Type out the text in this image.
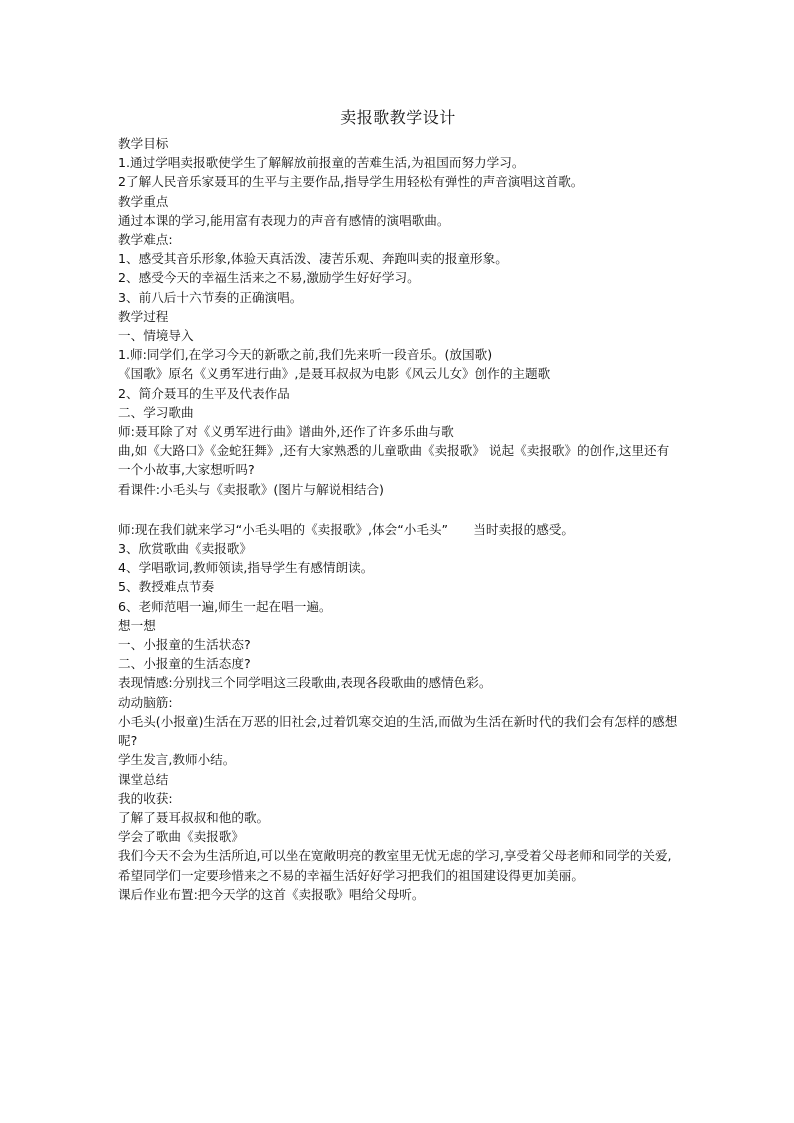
卖报歌教学设计
教学目标
1.通过学唱卖报歌使学生了解解放前报童的苦难生活,为祖国而努力学习。
2了解人民音乐家聂耳的生平与主要作品,指导学生用轻松有弹性的声音演唱这首歌。
教学重点
通过本课的学习,能用富有表现力的声音有感情的演唱歌曲。
教学难点:
1、感受其音乐形象,体验天真活泼、凄苦乐观、奔跑叫卖的报童形象。
2、感受今天的幸福生活来之不易,激励学生好好学习。
3、前八后十六节奏的正确演唱。
教学过程
一、情境导入
1.师:同学们,在学习今天的新歌之前,我们先来听一段音乐。(放国歌)
《国歌》原名《义勇军进行曲》,是聂耳叔叔为电影《风云儿女》创作的主题歌
2、简介聂耳的生平及代表作品
二、学习歌曲
师:聂耳除了对《义勇军进行曲》谱曲外,还作了许多乐曲与歌
曲,如《大路口》《金蛇狂舞》,还有大家熟悉的儿童歌曲《卖报歌》 说起《卖报歌》的创作,这里还有一个小故事,大家想听吗?
看课件:小毛头与《卖报歌》(图片与解说相结合)
师:现在我们就来学习“小毛头唱的《卖报歌》,体会“小毛头”　　当时卖报的感受。
3、欣赏歌曲《卖报歌》
4、学唱歌词,教师领读,指导学生有感情朗读。
5、教授难点节奏
6、老师范唱一遍,师生一起在唱一遍。
想一想
一、小报童的生活状态?
二、小报童的生活态度?
表现情感:分别找三个同学唱这三段歌曲,表现各段歌曲的感情色彩。
动动脑筋:
小毛头(小报童)生活在万恶的旧社会,过着饥寒交迫的生活,而做为生活在新时代的我们会有怎样的感想呢?
学生发言,教师小结。
课堂总结
我的收获:
了解了聂耳叔叔和他的歌。
学会了歌曲《卖报歌》
我们今天不会为生活所迫,可以坐在宽敞明亮的教室里无忧无虑的学习,享受着父母老师和同学的关爱,希望同学们一定要珍惜来之不易的幸福生活好好学习把我们的祖国建设得更加美丽。
课后作业布置:把今天学的这首《卖报歌》唱给父母听。
